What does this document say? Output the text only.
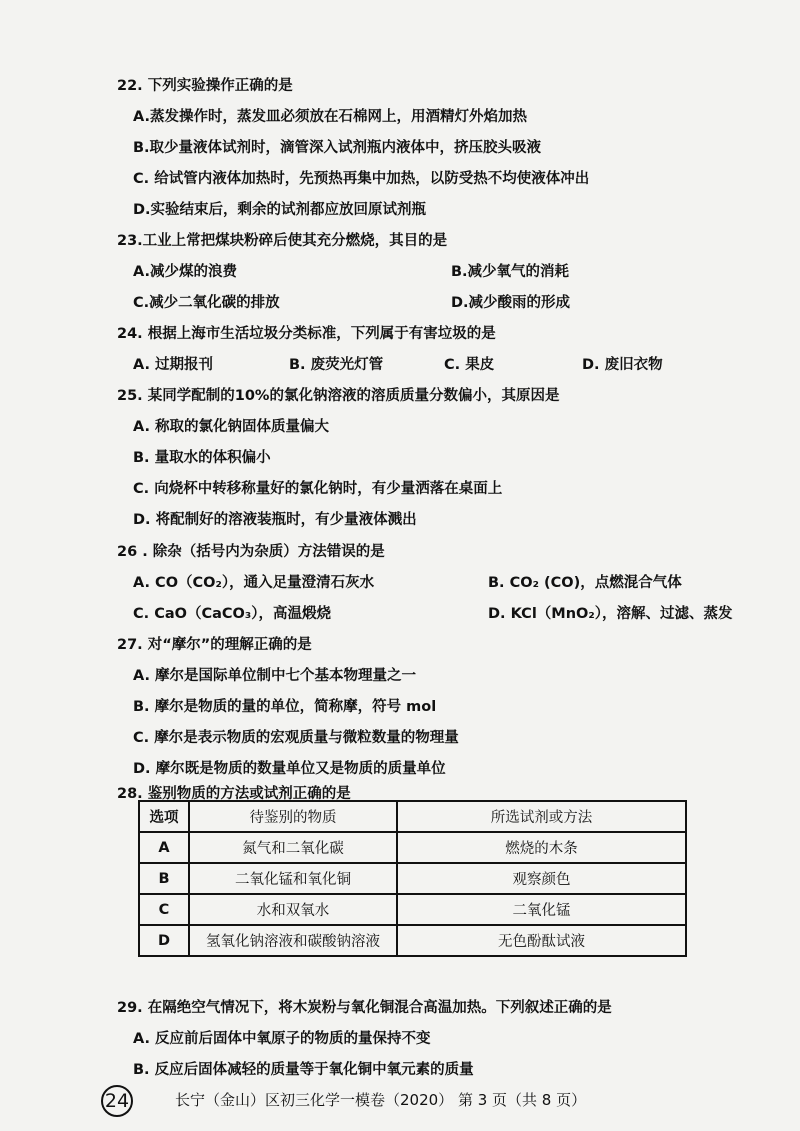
22. 下列实验操作正确的是
A.蒸发操作时，蒸发皿必须放在石棉网上，用酒精灯外焰加热
B.取少量液体试剂时，滴管深入试剂瓶内液体中，挤压胶头吸液
C. 给试管内液体加热时，先预热再集中加热，以防受热不均使液体冲出
D.实验结束后，剩余的试剂都应放回原试剂瓶
23.工业上常把煤块粉碎后使其充分燃烧，其目的是
A.减少煤的浪费	B.减少氧气的消耗
C.减少二氧化碳的排放	D.减少酸雨的形成
24. 根据上海市生活垃圾分类标准，下列属于有害垃圾的是
A. 过期报刊	B. 废荧光灯管	C. 果皮	D. 废旧衣物
25. 某同学配制的10%的氯化钠溶液的溶质质量分数偏小，其原因是
A. 称取的氯化钠固体质量偏大
B. 量取水的体积偏小
C. 向烧杯中转移称量好的氯化钠时，有少量洒落在桌面上
D. 将配制好的溶液装瓶时，有少量液体溅出
26 . 除杂（括号内为杂质）方法错误的是
A. CO（CO₂），通入足量澄清石灰水	B. CO₂ (CO)，点燃混合气体
C. CaO（CaCO₃），高温煅烧	D. KCl（MnO₂），溶解、过滤、蒸发
27. 对“摩尔”的理解正确的是
A. 摩尔是国际单位制中七个基本物理量之一
B. 摩尔是物质的量的单位，简称摩，符号 mol
C. 摩尔是表示物质的宏观质量与微粒数量的物理量
D. 摩尔既是物质的数量单位又是物质的质量单位
28. 鉴别物质的方法或试剂正确的是
选项	待鉴别的物质	所选试剂或方法
A	氮气和二氧化碳	燃烧的木条
B	二氧化锰和氧化铜	观察颜色
C	水和双氧水	二氧化锰
D	氢氧化钠溶液和碳酸钠溶液	无色酚酞试液
29. 在隔绝空气情况下，将木炭粉与氧化铜混合高温加热。下列叙述正确的是
A. 反应前后固体中氧原子的物质的量保持不变
B. 反应后固体减轻的质量等于氧化铜中氧元素的质量
24	长宁（金山）区初三化学一模卷（2020） 第 3 页（共 8 页）
